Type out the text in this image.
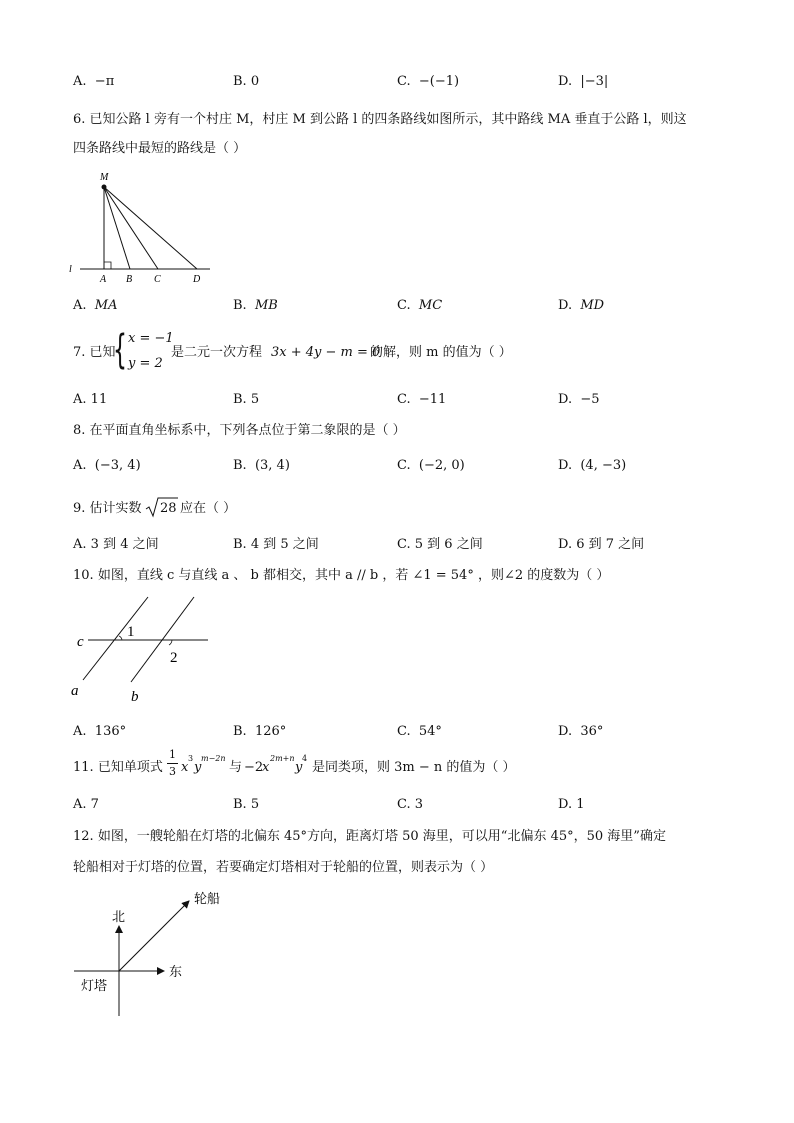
A. −π	B. 0	C. −(−1)	D. |−3|
6. 已知公路 l 旁有一个村庄 M，村庄 M 到公路 l 的四条路线如图所示，其中路线 MA 垂直于公路 l，则这
四条路线中最短的路线是（ ）
M
l
A B C	D
A. MA	B. MB	C. MC	D. MD
7. 已知
{ x = −1
y = 2
是二元一次方程 3x + 4y − m = 0
的解，则 m 的值为（ ）
A. 11	B. 5	C. −11	D. −5
8. 在平面直角坐标系中，下列各点位于第二象限的是（ ）
A. (−3, 4)	B. (3, 4)	C. (−2, 0)	D. (4, −3)
9. 估计实数 28 应在（ ）
A. 3 到 4 之间	B. 4 到 5 之间	C. 5 到 6 之间	D. 6 到 7 之间
10. 如图，直线 c 与直线 a 、 b 都相交，其中 a // b ，若 ∠1 = 54° ，则∠2 的度数为（ ）
c
a	b
1
2
A. 136°	B. 126°	C. 54°	D. 36°
11. 已知单项式
1
3 x
3
y
m−2n
与 −2
x
2m+n
y
4
是同类项，则 3m − n 的值为（ ）
A. 7	B. 5	C. 3	D. 1
12. 如图，一艘轮船在灯塔的北偏东 45°方向，距离灯塔 50 海里，可以用“北偏东 45°，50 海里”确定
轮船相对于灯塔的位置，若要确定灯塔相对于轮船的位置，则表示为（ ）
轮船
北
东
灯塔
